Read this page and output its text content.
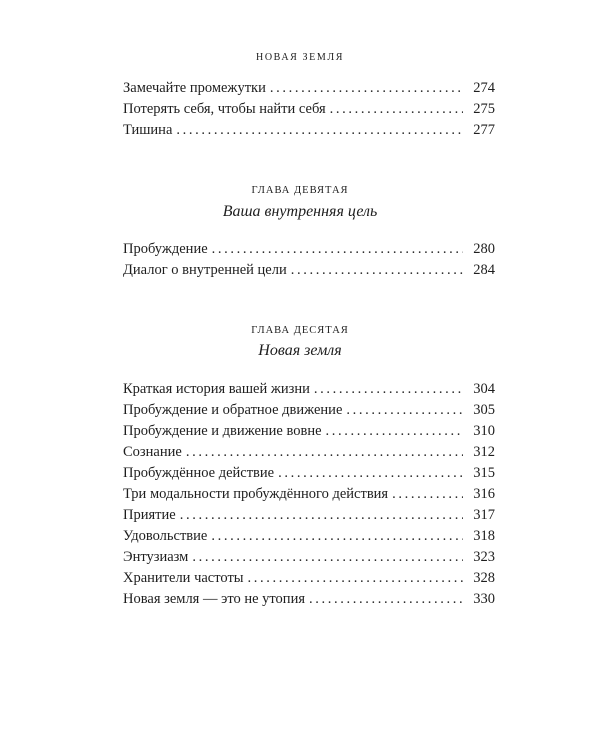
НОВАЯ ЗЕМЛЯ
Замечайте промежутки . . .	274
Потерять себя, чтобы найти себя . . .	275
Тишина . . .	277
ГЛАВА ДЕВЯТАЯ
Ваша внутренняя цель
Пробуждение . . .	280
Диалог о внутренней цели . . .	284
ГЛАВА ДЕСЯТАЯ
Новая земля
Краткая история вашей жизни . . .	304
Пробуждение и обратное движение . . .	305
Пробуждение и движение вовне . . .	310
Сознание . . .	312
Пробуждённое действие . . .	315
Три модальности пробуждённого действия . . .	316
Приятие . . .	317
Удовольствие . . .	318
Энтузиазм . . .	323
Хранители частоты . . .	328
Новая земля — это не утопия . . .	330
